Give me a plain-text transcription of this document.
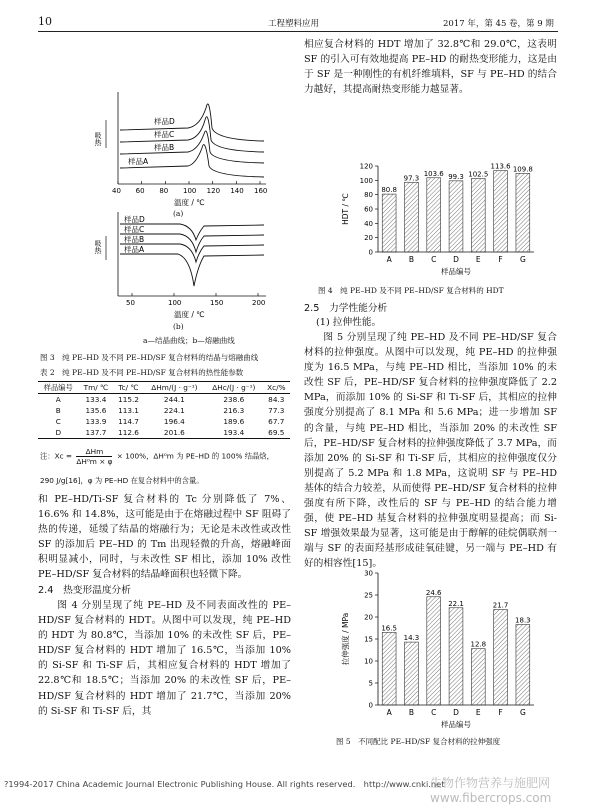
10	工程塑料应用	2017 年，第 45 卷，第 9 期
40 60 80 100 120 140 160
样品D
样品C
样品B
样品A
吸热
温度 / ℃
(a)
50	100	150	200
样品D
样品C
样品B
样品A
吸热
温度 / ℃
(b)
a—结晶曲线；b—熔融曲线
图 3　纯 PE–HD 及不同 PE–HD/SF 复合材料的结晶与熔融曲线
表 2　纯 PE–HD 及不同 PE–HD/SF 复合材料的热性能参数
样品编号	Tm/ ℃	Tc/ ℃	ΔHm/(J · g⁻¹)	ΔHc/(J · g⁻¹)	Xc/%
A	133.4	115.2	244.1	238.6	84.3
B	135.6	113.1	224.1	216.3	77.3
C	133.9	114.7	196.4	189.6	67.7
D	137.7	112.6	201.6	193.4	69.5
注：Xc =	ΔHm
ΔH⁰m × φ
× 100%，ΔH⁰m 为 PE–HD 的 100% 结晶焓，
290 J/g[16]，φ 为 PE–HD 在复合材料中的含量。
和 PE–HD/Ti-SF 复合材料的 Tc 分别降低了 7%、16.6% 和 14.8%，这可能是由于在熔融过程中 SF 阻碍了热的传递，延缓了结晶的熔融行为；无论是未改性或改性 SF 的添加后 PE–HD 的 Tm 出现轻微的升高，熔融峰面积明显减小，同时，与未改性 SF 相比，添加 10% 改性 PE–HD/SF 复合材料的结晶峰面积也轻微下降。
2.4　热变形温度分析
图 4 分别呈现了纯 PE–HD 及不同表面改性的 PE–HD/SF 复合材料的 HDT。从图中可以发现，纯 PE–HD 的 HDT 为 80.8℃，当添加 10% 的未改性 SF 后，PE–HD/SF 复合材料的 HDT 增加了 16.5℃，当添加 10% 的 Si-SF 和 Ti-SF 后，其相应复合材料的 HDT 增加了 22.8℃和 18.5℃；当添加 20% 的未改性 SF 后，PE–HD/SF 复合材料的 HDT 增加了 21.7℃，当添加 20% 的 Si-SF 和 Ti-SF 后，其
相应复合材料的 HDT 增加了 32.8℃和 29.0℃，这表明 SF 的引入可有效地提高 PE–HD 的耐热变形能力，这是由于 SF 是一种刚性的有机纤维填料，SF 与 PE–HD 的结合力越好，其提高耐热变形能力越显著。
0
20
40
60
80
100
120
80.8
A
97.3
B
103.6
C
99.3
D
102.5
E
113.6
F
109.8
G
样品编号
HDT / ℃
图 4　纯 PE–HD 及不同 PE–HD/SF 复合材料的 HDT
2.5　力学性能分析
(1) 拉伸性能。
图 5 分别呈现了纯 PE–HD 及不同 PE–HD/SF 复合材料的拉伸强度。从图中可以发现，纯 PE–HD 的拉伸强度为 16.5 MPa，与纯 PE–HD 相比，当添加 10% 的未改性 SF 后，PE–HD/SF 复合材料的拉伸强度降低了 2.2 MPa，而添加 10% 的 Si-SF 和 Ti-SF 后，其相应的拉伸强度分别提高了 8.1 MPa 和 5.6 MPa；进一步增加 SF 的含量，与纯 PE–HD 相比，当添加 20% 的未改性 SF 后，PE–HD/SF 复合材料的拉伸强度降低了 3.7 MPa，而添加 20% 的 Si-SF 和 Ti-SF 后，其相应的拉伸强度仅分别提高了 5.2 MPa 和 1.8 MPa，这说明 SF 与 PE–HD 基体的结合力较差，从而使得 PE–HD/SF 复合材料的拉伸强度有所下降，改性后的 SF 与 PE–HD 的结合能力增强，使 PE–HD 基复合材料的拉伸强度明显提高；而 Si-SF 增强效果最为显著，这可能是由于醇解的硅烷偶联剂一端与 SF 的表面羟基形成硅氧硅键，另一端与 PE–HD 有好的相容性[15]。
0
5
10
15
20
25
30
16.5
A
14.3
B
24.6
C
22.1
D
12.8
E
21.7
F
18.3
G
样品编号
拉伸强度 / MPa
图 5　不同配比 PE–HD/SF 复合材料的拉伸强度
?1994-2017 China Academic Journal Electronic Publishing House. All rights reserved.　http://www.cnki.net
生物作物营养与施肥网 www.fibercrops.com
